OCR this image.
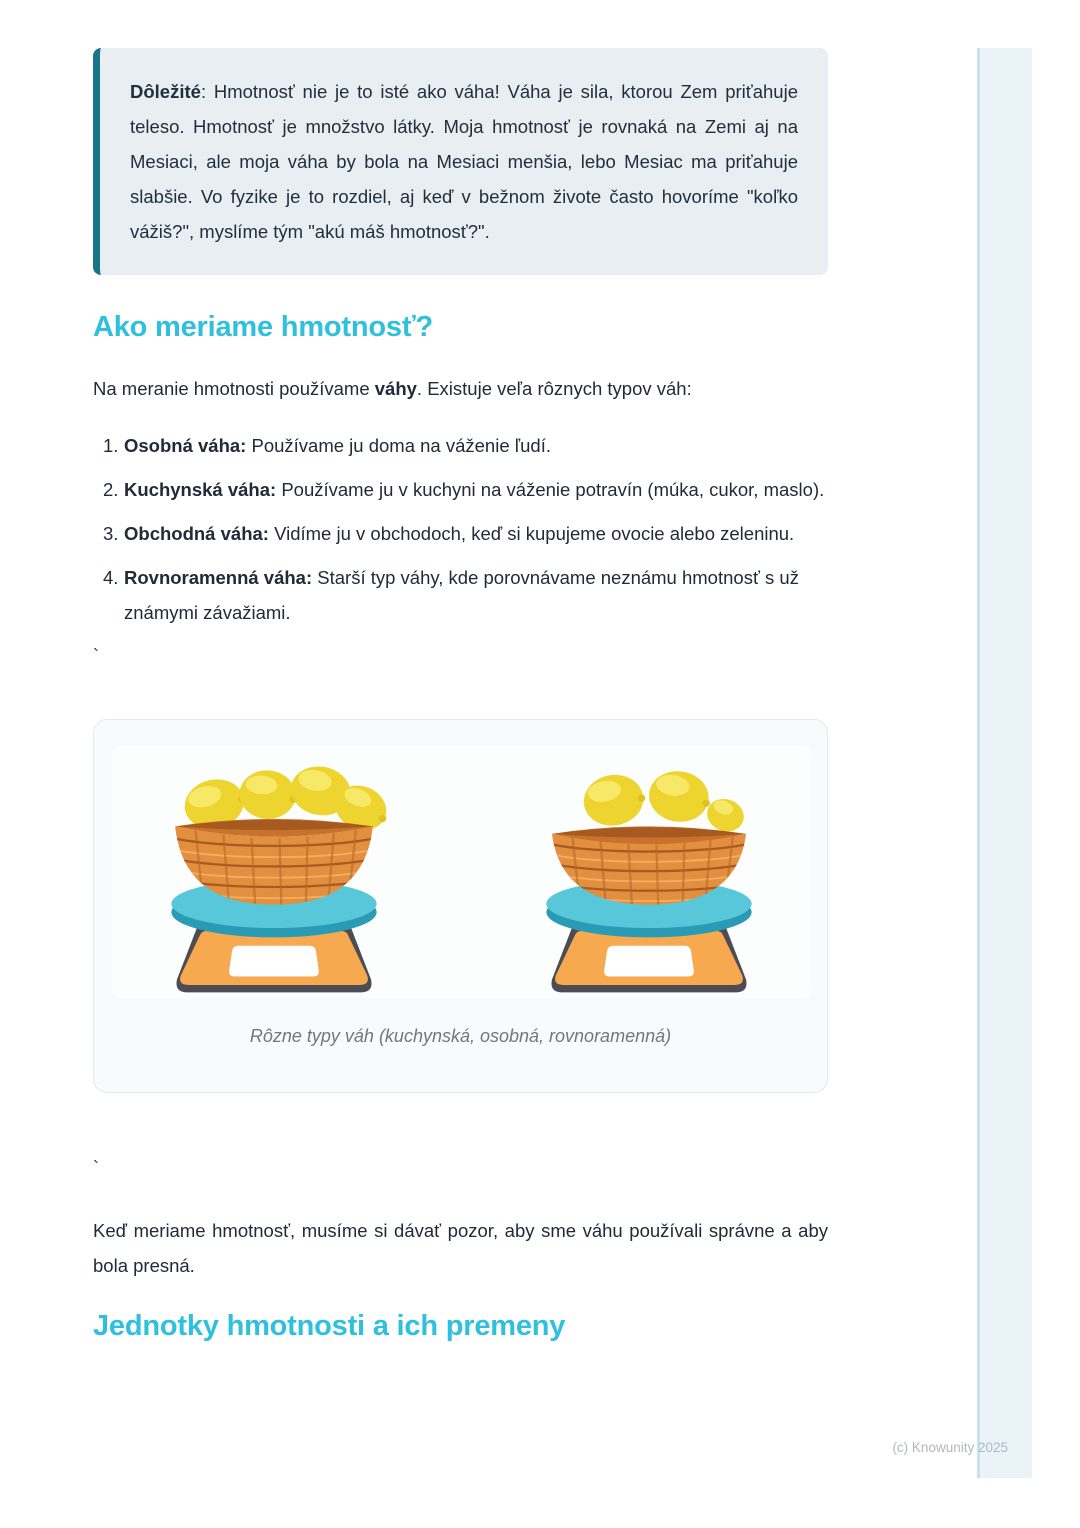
(c) Knowunity 2025
Dôležité: Hmotnosť nie je to isté ako váha! Váha je sila, ktorou Zem priťahuje teleso. Hmotnosť je množstvo látky. Moja hmotnosť je rovnaká na Zemi aj na Mesiaci, ale moja váha by bola na Mesiaci menšia, lebo Mesiac ma priťahuje slabšie. Vo fyzike je to rozdiel, aj keď v bežnom živote často hovoríme "koľko vážiš?", myslíme tým "akú máš hmotnosť?".
Ako meriame hmotnosť?

Na meranie hmotnosti používame váhy. Existuje veľa rôznych typov váh:

1. Osobná váha: Používame ju doma na váženie ľudí.
2. Kuchynská váha: Používame ju v kuchyni na váženie potravín (múka, cukor, maslo).
3. Obchodná váha: Vidíme ju v obchodoch, keď si kupujeme ovocie alebo zeleninu.
4. Rovnoramenná váha: Starší typ váhy, kde porovnávame neznámu hmotnosť s už známymi závažiami.
`
Rôzne typy váh (kuchynská, osobná, rovnoramenná)
`

Keď meriame hmotnosť, musíme si dávať pozor, aby sme váhu používali správne a aby bola presná.

Jednotky hmotnosti a ich premeny
